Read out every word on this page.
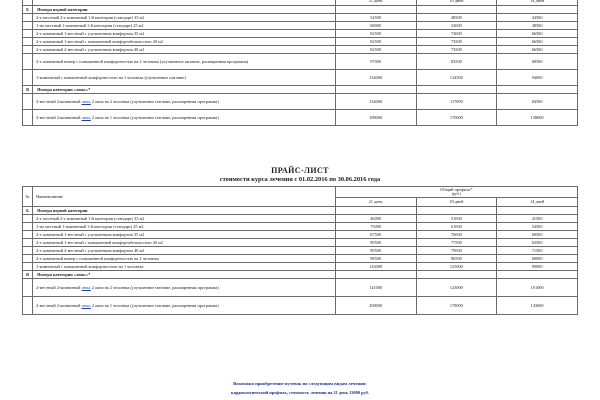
		21 день	18 дней	14 дней
Б	Номера первой категории			
	2-х местный 2-х комнатный 1-й категории (стандарт) 35 м2	54500	48500	44500
	1-но местный 1-комнатный 1-й категории (стандарт) 25 м2	68000	54000	48500
	2-х комнатный 1-местный с улучшенным комфортом 35 м2	82500	73000	66500
	2-х комнатный 1-местный с повышенной комфортабельностью 40 м2	82500	73500	66500
	2-х комнатный 2-местный с улучшенным комфортом 40 м2	82500	73500	66500
	2-х комнатный номер с повышенной комфортностью на 2 человека (улучшенное питание, расширенная программа)	97000	83500	68500
	1-комнатный с повышенной комфортностью на 1 человека (улучшенное питание)	134000	124500	94000
В	Номера категории «люкс»*			
	2-местный 2-комнатный люкс 2 окна на 2 человека (улучшенное питание, расширенная программа)	134000	117000	84500
	2-местный 2-комнатный люкс 2 окна на 1 человека (улучшенное питание, расширенная программа)	188000	170000	138000
ПРАЙС-ЛИСТ
стоимости курса лечения с 01.02.2016 по 30.06.2016 года
№	Наименование	Общий профиль*
(руб.)		

		21 день	18 дней	14 дней
Б	Номера первой категории			
	2-х местный 2-х комнатный 1-й категории (стандарт) 35 м2	46000	51000	41500
	1-но местный 1-комнатный 1-й категории (стандарт) 25 м2	75000	61000	54500
	2-х комнатный 1-местный с улучшенным комфортом 35 м2	87500	76000	68500
	2-х комнатный 1-местный с повышенной комфортабельностью 40 м2	89500	77500	63500
	2-х комнатный 2-местный с улучшенным комфортом 40 м2	89500	79000	71500
	2-х комнатный номер с повышенной комфортностью на 2 человека	98500	86500	68000
	1-комнатный с повышенной комфортностью на 1 человека	143000	125000	99000
В	Номера категории «люкс»*			
	2-местный 2-комнатный люкс 2 окна на 2 человека (улучшенное питание, расширенная программа)	141000	123000	101000
	2-местный 2-комнатный люкс 2 окна на 1 человека (улучшенное питание, расширенная программа)	208000	178000	143000
Возможно приобретение путевок по следующим видам лечения:
кардиологический профиль, стоимость лечения на 21 день 13000 руб.
